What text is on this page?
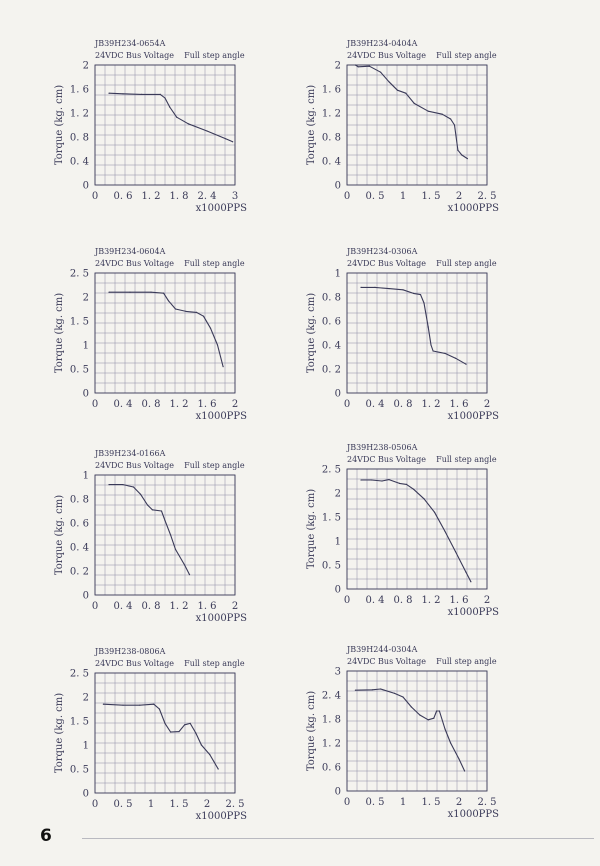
0 0. 6 1. 2 1. 8 2. 4 3
0
0. 4
0. 8
1. 2
1. 6
2
JB39H234-0654A
24VDC Bus Voltage    Full step angle
x1000PPS
Torque (kg. cm)
0 0. 5 1 1. 5 2 2. 5
0
0. 4
0. 8
1. 2
1. 6
2
JB39H234-0404A
24VDC Bus Voltage    Full step angle
x1000PPS
Torque (kg. cm)
0 0. 4 0. 8 1. 2 1. 6 2
0
0. 5
1
1. 5
2
2. 5
JB39H234-0604A
24VDC Bus Voltage    Full step angle
x1000PPS
Torque (kg. cm)
0 0. 4 0. 8 1. 2 1. 6 2
0
0. 2
0. 4
0. 6
0. 8
1
JB39H234-0306A
24VDC Bus Voltage    Full step angle
x1000PPS
Torque (kg. cm)
0 0. 4 0. 8 1. 2 1. 6 2
0
0. 2
0. 4
0. 6
0. 8
1
JB39H234-0166A
24VDC Bus Voltage    Full step angle
x1000PPS
Torque (kg. cm)
0 0. 4 0. 8 1. 2 1. 6 2
0
0. 5
1
1. 5
2
2. 5
JB39H238-0506A
24VDC Bus Voltage    Full step angle
x1000PPS
Torque (kg. cm)
0 0. 5 1 1. 5 2 2. 5
0
0. 5
1
1. 5
2
2. 5
JB39H238-0806A
24VDC Bus Voltage    Full step angle
x1000PPS
Torque (kg. cm)
0 0. 5 1 1. 5 2 2. 5
0
0. 6
1. 2
1. 8
2. 4
3
JB39H244-0304A
24VDC Bus Voltage    Full step angle
x1000PPS
Torque (kg. cm)
6
